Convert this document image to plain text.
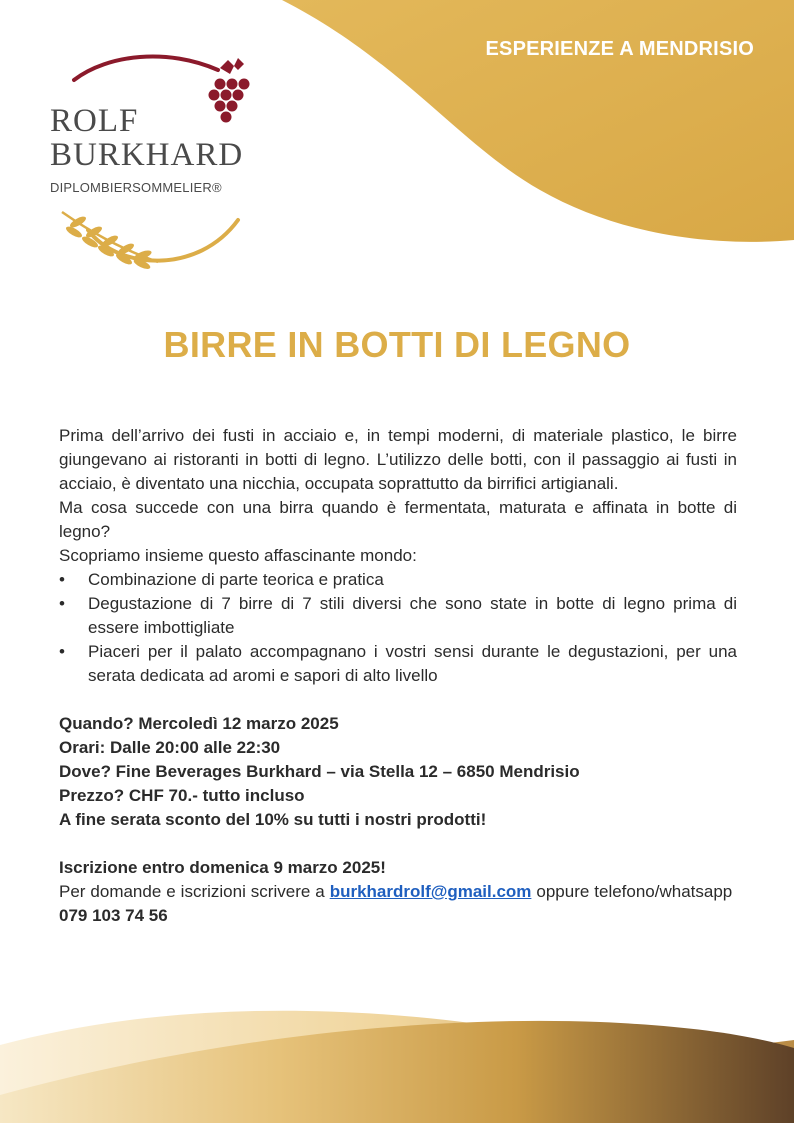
ESPERIENZE A MENDRISIO
ROLF
BURKHARD
DIPLOMBIERSOMMELIER®
BIRRE IN BOTTI DI LEGNO

Prima dell’arrivo dei fusti in acciaio e, in tempi moderni, di materiale plastico, le birre giungevano ai ristoranti in botti di legno. L’utilizzo delle botti, con il passaggio ai fusti in acciaio, è diventato una nicchia, occupata soprattutto da birrifici artigianali.

Ma cosa succede con una birra quando è fermentata, maturata e affinata in botte di legno?

Scopriamo insieme questo affascinante mondo:

• Combinazione di parte teorica e pratica
• Degustazione di 7 birre di 7 stili diversi che sono state in botte di legno prima di essere imbottigliate
• Piaceri per il palato accompagnano i vostri sensi durante le degustazioni, per una serata dedicata ad aromi e sapori di alto livello
Quando? Mercoledì 12 marzo 2025
Orari: Dalle 20:00 alle 22:30
Dove? Fine Beverages Burkhard – via Stella 12 – 6850 Mendrisio
Prezzo? CHF 70.- tutto incluso
A fine serata sconto del 10% su tutti i nostri prodotti!
Iscrizione entro domenica 9 marzo 2025!

Per domande e iscrizioni scrivere a burkhardrolf@gmail.com oppure telefono/whatsapp  079 103 74 56
